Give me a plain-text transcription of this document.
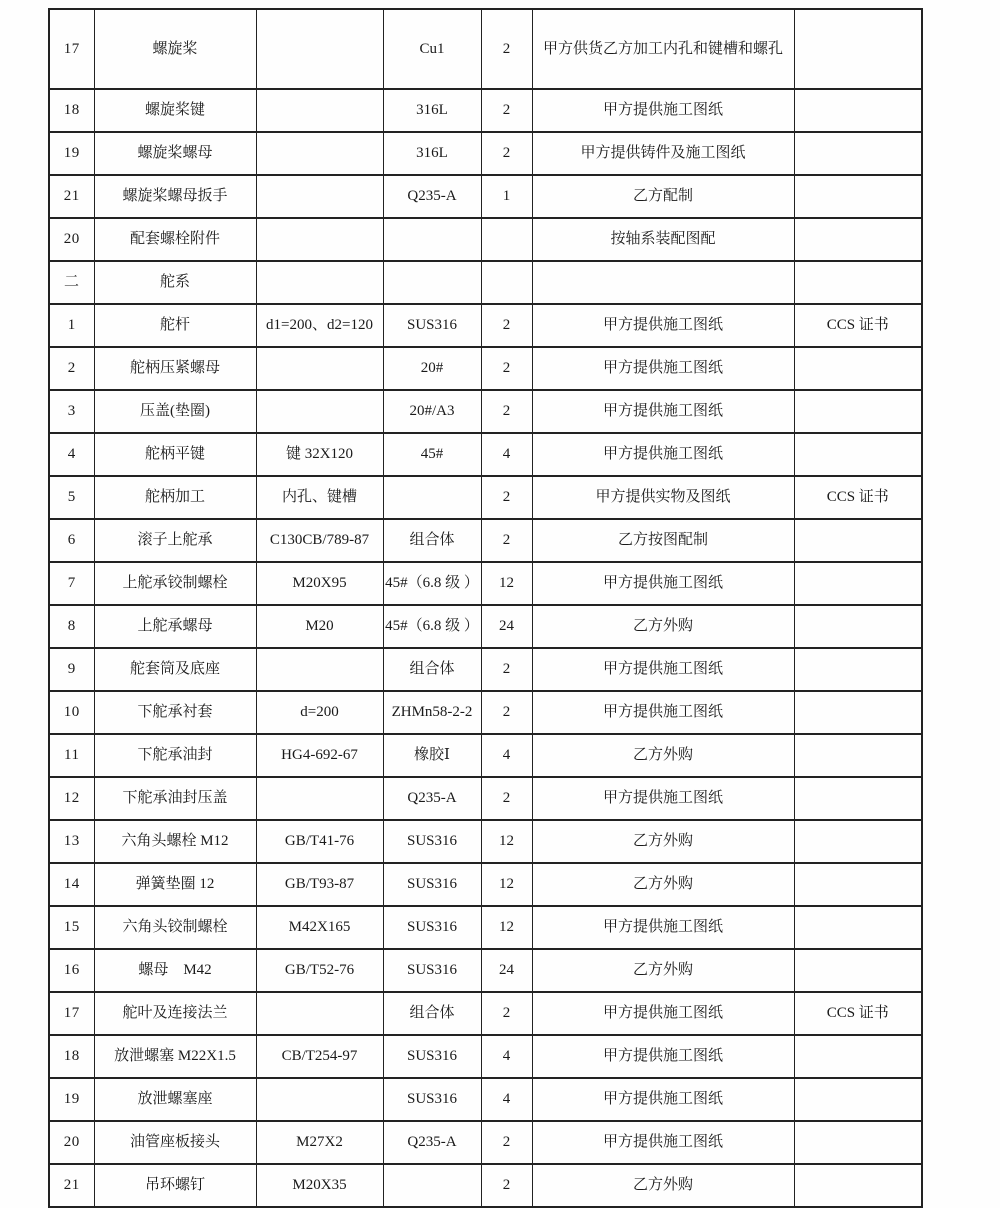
17	螺旋桨		Cu1	2	甲方供货乙方加工内孔和键槽和螺孔	
18	螺旋桨键		316L	2	甲方提供施工图纸	
19	螺旋桨螺母		316L	2	甲方提供铸件及施工图纸	
21	螺旋桨螺母扳手		Q235-A	1	乙方配制	
20	配套螺栓附件				按轴系装配图配	
二	舵系					
1	舵杆	d1=200、d2=120	SUS316	2	甲方提供施工图纸	CCS 证书
2	舵柄压紧螺母		20#	2	甲方提供施工图纸	
3	压盖(垫圈)		20#/A3	2	甲方提供施工图纸	
4	舵柄平键	键 32X120	45#	4	甲方提供施工图纸	
5	舵柄加工	内孔、键槽		2	甲方提供实物及图纸	CCS 证书
6	滚子上舵承	C130CB/789-87	组合体	2	乙方按图配制	
7	上舵承铰制螺栓	M20X95	45#（6.8 级 ）	12	甲方提供施工图纸	
8	上舵承螺母	M20	45#（6.8 级 ）	24	乙方外购	
9	舵套筒及底座		组合体	2	甲方提供施工图纸	
10	下舵承衬套	d=200	ZHMn58-2-2	2	甲方提供施工图纸	
11	下舵承油封	HG4-692-67	橡胶Ⅰ	4	乙方外购	
12	下舵承油封压盖		Q235-A	2	甲方提供施工图纸	
13	六角头螺栓 M12	GB/T41-76	SUS316	12	乙方外购	
14	弹簧垫圈 12	GB/T93-87	SUS316	12	乙方外购	
15	六角头铰制螺栓	M42X165	SUS316	12	甲方提供施工图纸	
16	螺母　M42	GB/T52-76	SUS316	24	乙方外购	
17	舵叶及连接法兰		组合体	2	甲方提供施工图纸	CCS 证书
18	放泄螺塞 M22X1.5	CB/T254-97	SUS316	4	甲方提供施工图纸	
19	放泄螺塞座		SUS316	4	甲方提供施工图纸	
20	油管座板接头	M27X2	Q235-A	2	甲方提供施工图纸	
21	吊环螺钉	M20X35		2	乙方外购	
